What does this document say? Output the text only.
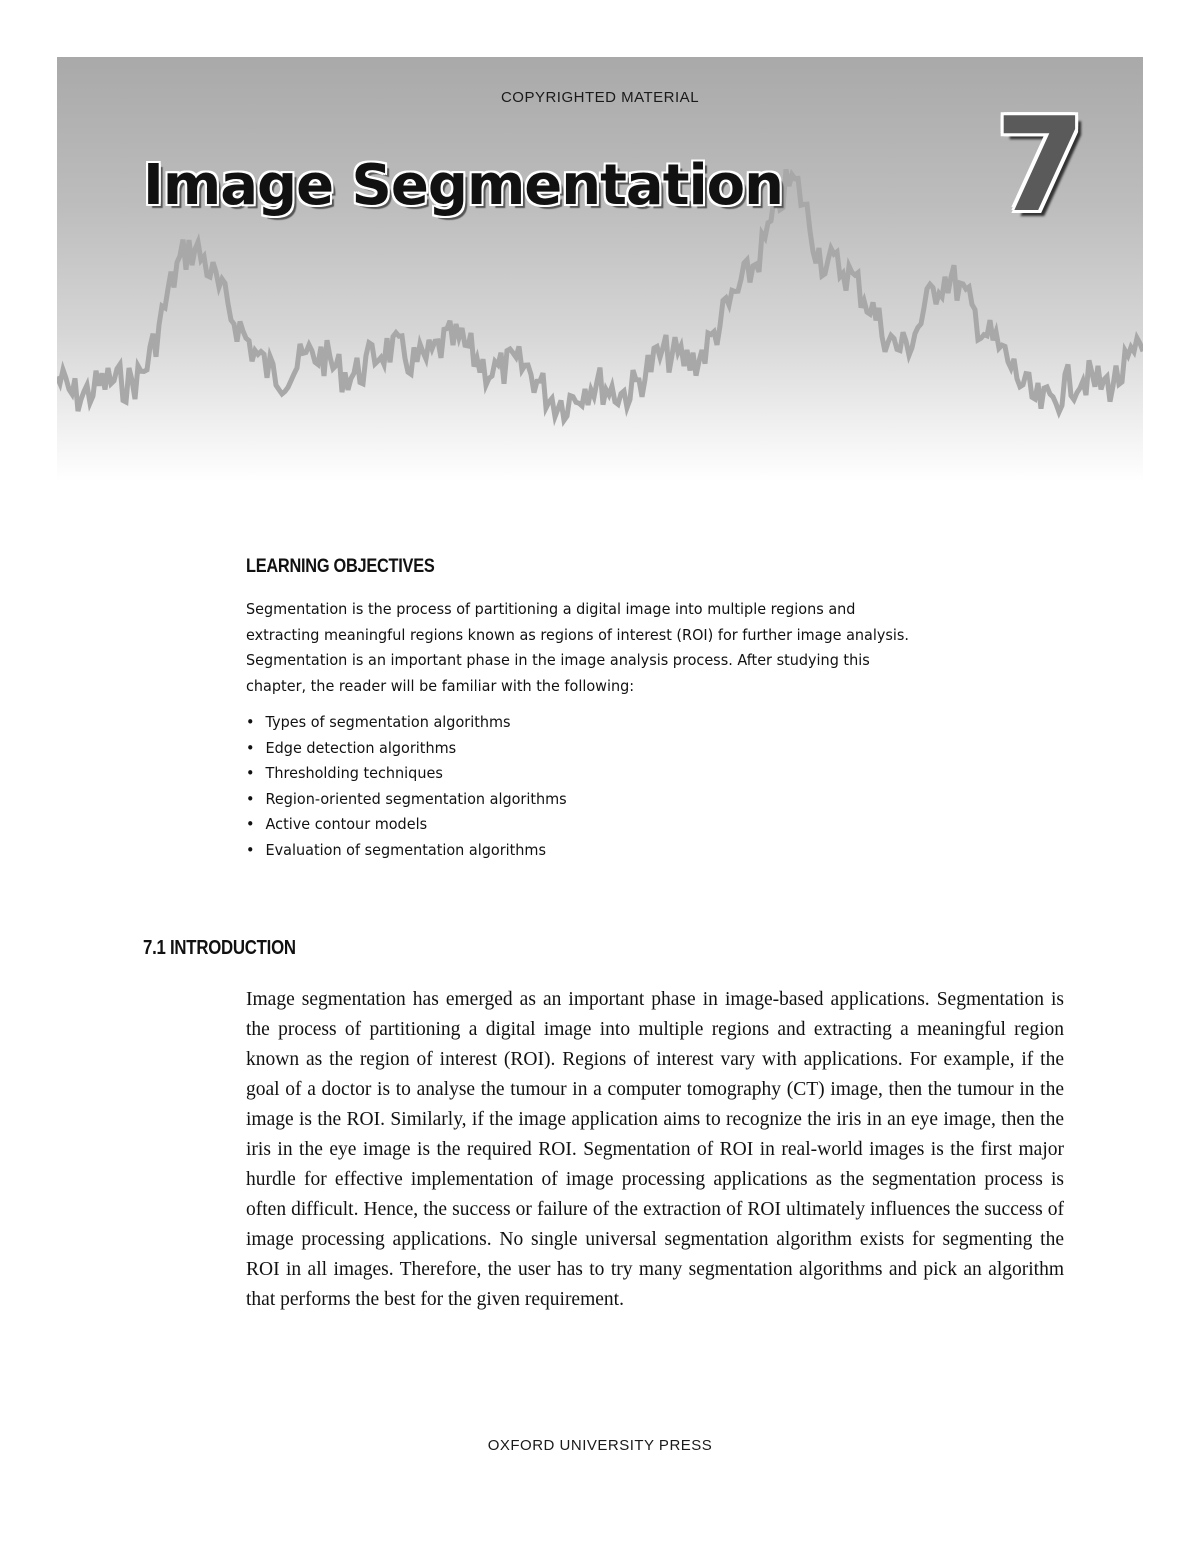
COPYRIGHTED MATERIAL
Image Segmentation 7
LEARNING OBJECTIVES

Segmentation is the process of partitioning a digital image into multiple regions and extracting meaningful regions known as regions of interest (ROI) for further image analysis. Segmentation is an important phase in the image analysis process. After studying this chapter, the reader will be familiar with the following:

• Types of segmentation algorithms
• Edge detection algorithms
• Thresholding techniques
• Region-oriented segmentation algorithms
• Active contour models
• Evaluation of segmentation algorithms
7.1 INTRODUCTION

Image segmentation has emerged as an important phase in image-based applications. Segmentation is the process of partitioning a digital image into multiple regions and extracting a meaningful region known as the region of interest (ROI). Regions of interest vary with applications. For example, if the goal of a doctor is to analyse the tumour in a computer tomography (CT) image, then the tumour in the image is the ROI. Similarly, if the image application aims to recognize the iris in an eye image, then the iris in the eye image is the required ROI. Segmentation of ROI in real-world images is the first major hurdle for effective implementation of image processing applications as the segmentation process is often difficult. Hence, the success or failure of the extraction of ROI ultimately influences the success of image processing applications. No single universal segmentation algorithm exists for segmenting the ROI in all images. Therefore, the user has to try many segmentation algorithms and pick an algorithm that performs the best for the given requirement.

OXFORD UNIVERSITY PRESS
